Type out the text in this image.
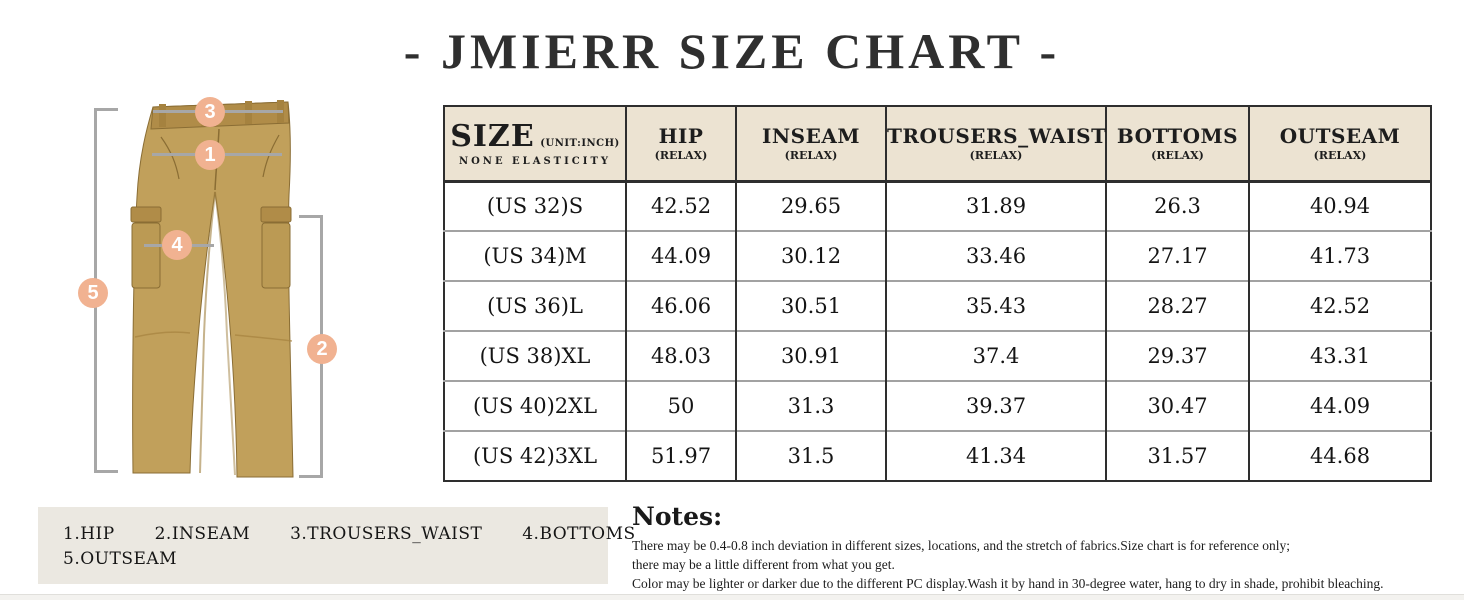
- JMIERR SIZE CHART -
1
2
3
4
5
SIZE (UNIT:INCH)
NONE ELASTICITY

HIP
(RELAX)

INSEAM
(RELAX)

TROUSERS_WAIST
(RELAX)

BOTTOMS
(RELAX)

OUTSEAM
(RELAX)

(US 32)S	42.52	29.65	31.89	26.3	40.94
(US 34)M	44.09	30.12	33.46	27.17	41.73
(US 36)L	46.06	30.51	35.43	28.27	42.52
(US 38)XL	48.03	30.91	37.4	29.37	43.31
(US 40)2XL	50	31.3	39.37	30.47	44.09
(US 42)3XL	51.97	31.5	41.34	31.57	44.68
1.HIP 2.INSEAM 3.TROUSERS_WAIST 4.BOTTOMS
5.OUTSEAM
Notes:
There may be 0.4-0.8 inch deviation in different sizes, locations, and the stretch of fabrics.Size chart is for reference only;
there may be a little different from what you get.
Color may be lighter or darker due to the different PC display.Wash it by hand in 30-degree water, hang to dry in shade, prohibit bleaching.
